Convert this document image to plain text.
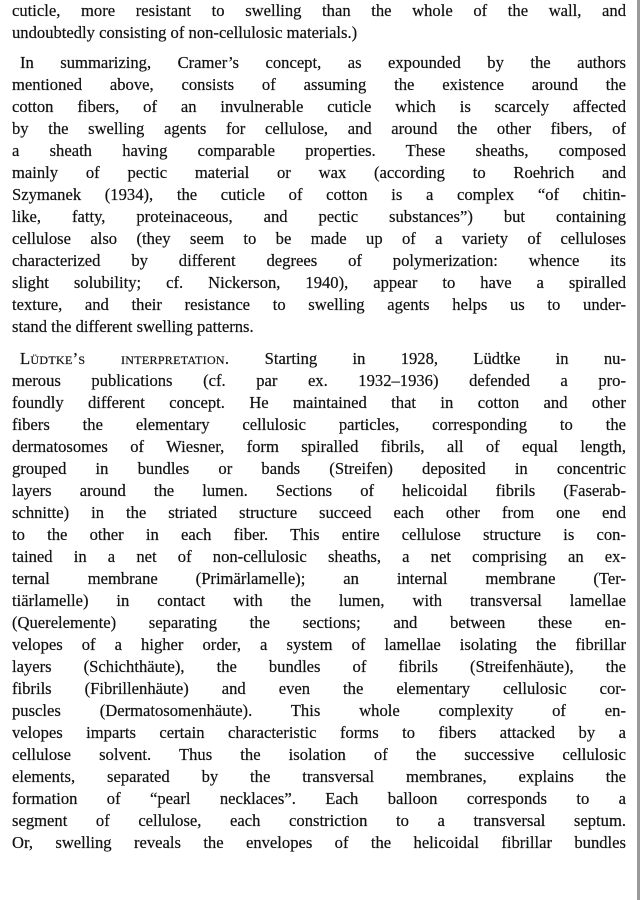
cuticle, more resistant to swelling than the whole of the wall, and
undoubtedly consisting of non-cellulosic materials.)
In summarizing, Cramer’s concept, as expounded by the authors
mentioned above, consists of assuming the existence around the
cotton fibers, of an invulnerable cuticle which is scarcely affected
by the swelling agents for cellulose, and around the other fibers, of
a sheath having comparable properties. These sheaths, composed
mainly of pectic material or wax (according to Roehrich and
Szymanek (1934), the cuticle of cotton is a complex “of chitin-
like, fatty, proteinaceous, and pectic substances”) but containing
cellulose also (they seem to be made up of a variety of celluloses
characterized by different degrees of polymerization: whence its
slight solubility; cf. Nickerson, 1940), appear to have a spiralled
texture, and their resistance to swelling agents helps us to under-
stand the different swelling patterns.
Lüdtke’s interpretation. Starting in 1928, Lüdtke in nu-
merous publications (cf. par ex. 1932–1936) defended a pro-
foundly different concept. He maintained that in cotton and other
fibers the elementary cellulosic particles, corresponding to the
dermatosomes of Wiesner, form spiralled fibrils, all of equal length,
grouped in bundles or bands (Streifen) deposited in concentric
layers around the lumen. Sections of helicoidal fibrils (Faserab-
schnitte) in the striated structure succeed each other from one end
to the other in each fiber. This entire cellulose structure is con-
tained in a net of non-cellulosic sheaths, a net comprising an ex-
ternal membrane (Primärlamelle); an internal membrane (Ter-
tiärlamelle) in contact with the lumen, with transversal lamellae
(Querelemente) separating the sections; and between these en-
velopes of a higher order, a system of lamellae isolating the fibrillar
layers (Schichthäute), the bundles of fibrils (Streifenhäute), the
fibrils (Fibrillenhäute) and even the elementary cellulosic cor-
puscles (Dermatosomenhäute). This whole complexity of en-
velopes imparts certain characteristic forms to fibers attacked by a
cellulose solvent. Thus the isolation of the successive cellulosic
elements, separated by the transversal membranes, explains the
formation of “pearl necklaces”. Each balloon corresponds to a
segment of cellulose, each constriction to a transversal septum.
Or, swelling reveals the envelopes of the helicoidal fibrillar bundles
